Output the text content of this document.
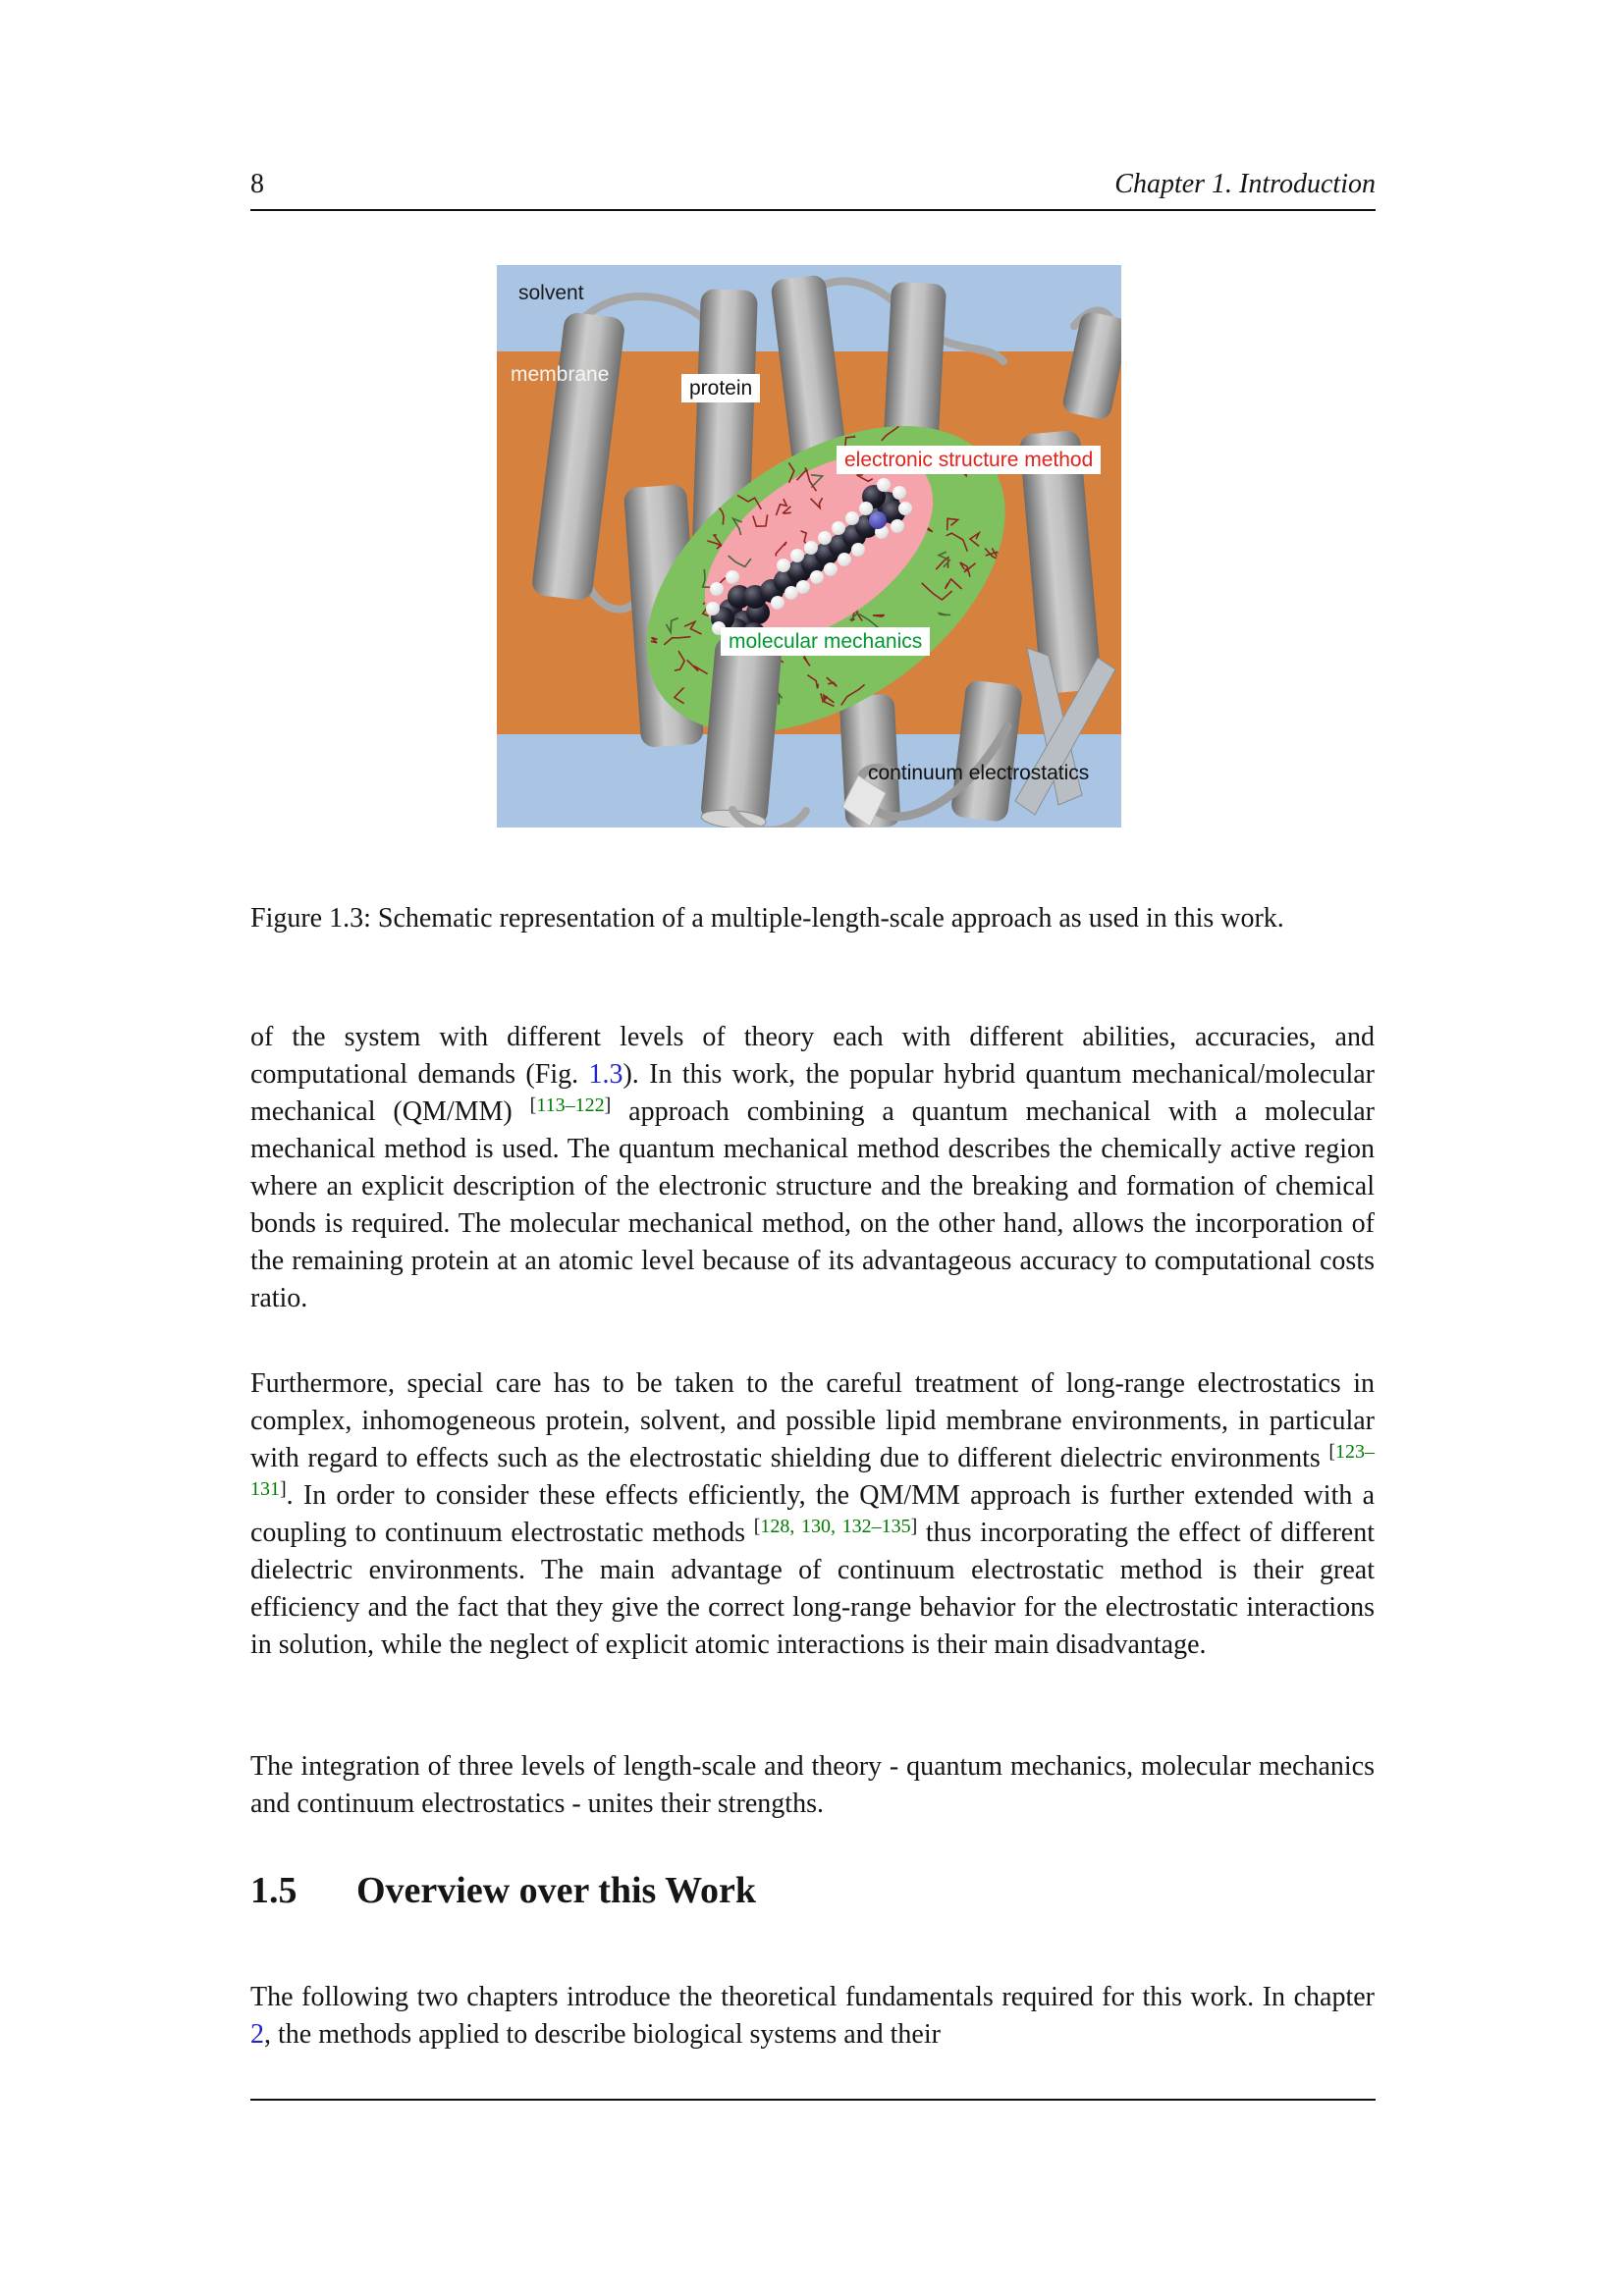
8	Chapter 1. Introduction
solvent
membrane
protein
electronic structure method
molecular mechanics
continuum electrostatics

Figure 1.3: Schematic representation of a multiple-length-scale approach as used in this work.

of the system with different levels of theory each with different abilities, accuracies, and computational demands (Fig. 1.3). In this work, the popular hybrid quantum mechanical/molecular mechanical (QM/MM) [113–122] approach combining a quantum mechanical with a molecular mechanical method is used. The quantum mechanical method describes the chemically active region where an explicit description of the electronic structure and the breaking and formation of chemical bonds is required. The molecular mechanical method, on the other hand, allows the incorporation of the remaining protein at an atomic level because of its advantageous accuracy to computational costs ratio.

Furthermore, special care has to be taken to the careful treatment of long-range electrostatics in complex, inhomogeneous protein, solvent, and possible lipid membrane environments, in particular with regard to effects such as the electrostatic shielding due to different dielectric environments [123–131]. In order to consider these effects efficiently, the QM/MM approach is further extended with a coupling to continuum electrostatic methods [128, 130, 132–135] thus incorporating the effect of different dielectric environments. The main advantage of continuum electrostatic method is their great efficiency and the fact that they give the correct long-range behavior for the electrostatic interactions in solution, while the neglect of explicit atomic interactions is their main disadvantage.

The integration of three levels of length-scale and theory - quantum mechanics, molecular mechanics and continuum electrostatics - unites their strengths.

1.5 Overview over this Work

The following two chapters introduce the theoretical fundamentals required for this work. In chapter 2, the methods applied to describe biological systems and their
